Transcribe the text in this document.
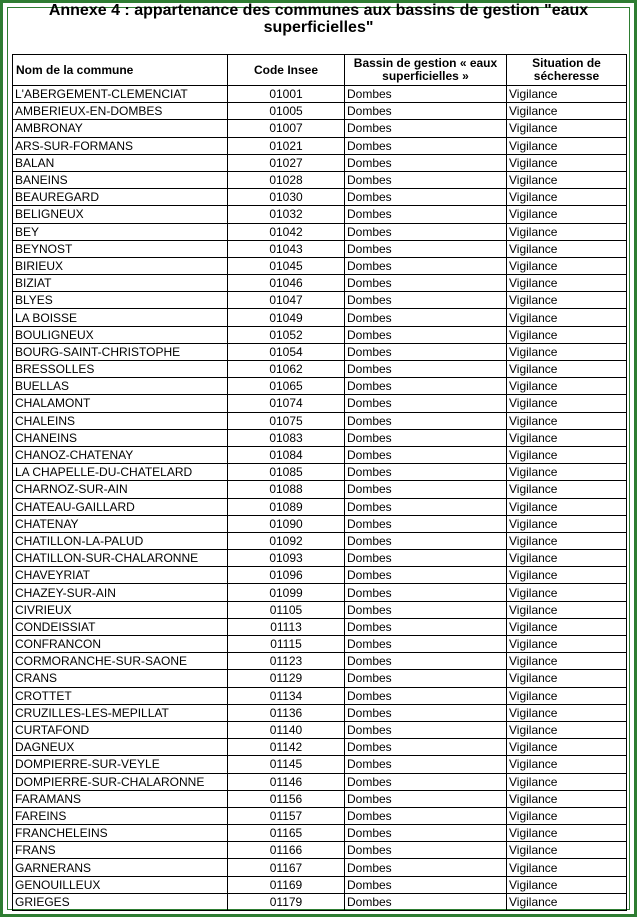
Annexe 4 : appartenance des communes aux bassins de gestion "eaux superficielles"
Nom de la commune	Code Insee	Bassin de gestion « eaux superficielles »	Situation de sécheresse
L'ABERGEMENT-CLEMENCIAT	01001	Dombes	Vigilance
AMBERIEUX-EN-DOMBES	01005	Dombes	Vigilance
AMBRONAY	01007	Dombes	Vigilance
ARS-SUR-FORMANS	01021	Dombes	Vigilance
BALAN	01027	Dombes	Vigilance
BANEINS	01028	Dombes	Vigilance
BEAUREGARD	01030	Dombes	Vigilance
BELIGNEUX	01032	Dombes	Vigilance
BEY	01042	Dombes	Vigilance
BEYNOST	01043	Dombes	Vigilance
BIRIEUX	01045	Dombes	Vigilance
BIZIAT	01046	Dombes	Vigilance
BLYES	01047	Dombes	Vigilance
LA BOISSE	01049	Dombes	Vigilance
BOULIGNEUX	01052	Dombes	Vigilance
BOURG-SAINT-CHRISTOPHE	01054	Dombes	Vigilance
BRESSOLLES	01062	Dombes	Vigilance
BUELLAS	01065	Dombes	Vigilance
CHALAMONT	01074	Dombes	Vigilance
CHALEINS	01075	Dombes	Vigilance
CHANEINS	01083	Dombes	Vigilance
CHANOZ-CHATENAY	01084	Dombes	Vigilance
LA CHAPELLE-DU-CHATELARD	01085	Dombes	Vigilance
CHARNOZ-SUR-AIN	01088	Dombes	Vigilance
CHATEAU-GAILLARD	01089	Dombes	Vigilance
CHATENAY	01090	Dombes	Vigilance
CHATILLON-LA-PALUD	01092	Dombes	Vigilance
CHATILLON-SUR-CHALARONNE	01093	Dombes	Vigilance
CHAVEYRIAT	01096	Dombes	Vigilance
CHAZEY-SUR-AIN	01099	Dombes	Vigilance
CIVRIEUX	01105	Dombes	Vigilance
CONDEISSIAT	01113	Dombes	Vigilance
CONFRANCON	01115	Dombes	Vigilance
CORMORANCHE-SUR-SAONE	01123	Dombes	Vigilance
CRANS	01129	Dombes	Vigilance
CROTTET	01134	Dombes	Vigilance
CRUZILLES-LES-MEPILLAT	01136	Dombes	Vigilance
CURTAFOND	01140	Dombes	Vigilance
DAGNEUX	01142	Dombes	Vigilance
DOMPIERRE-SUR-VEYLE	01145	Dombes	Vigilance
DOMPIERRE-SUR-CHALARONNE	01146	Dombes	Vigilance
FARAMANS	01156	Dombes	Vigilance
FAREINS	01157	Dombes	Vigilance
FRANCHELEINS	01165	Dombes	Vigilance
FRANS	01166	Dombes	Vigilance
GARNERANS	01167	Dombes	Vigilance
GENOUILLEUX	01169	Dombes	Vigilance
GRIEGES	01179	Dombes	Vigilance
